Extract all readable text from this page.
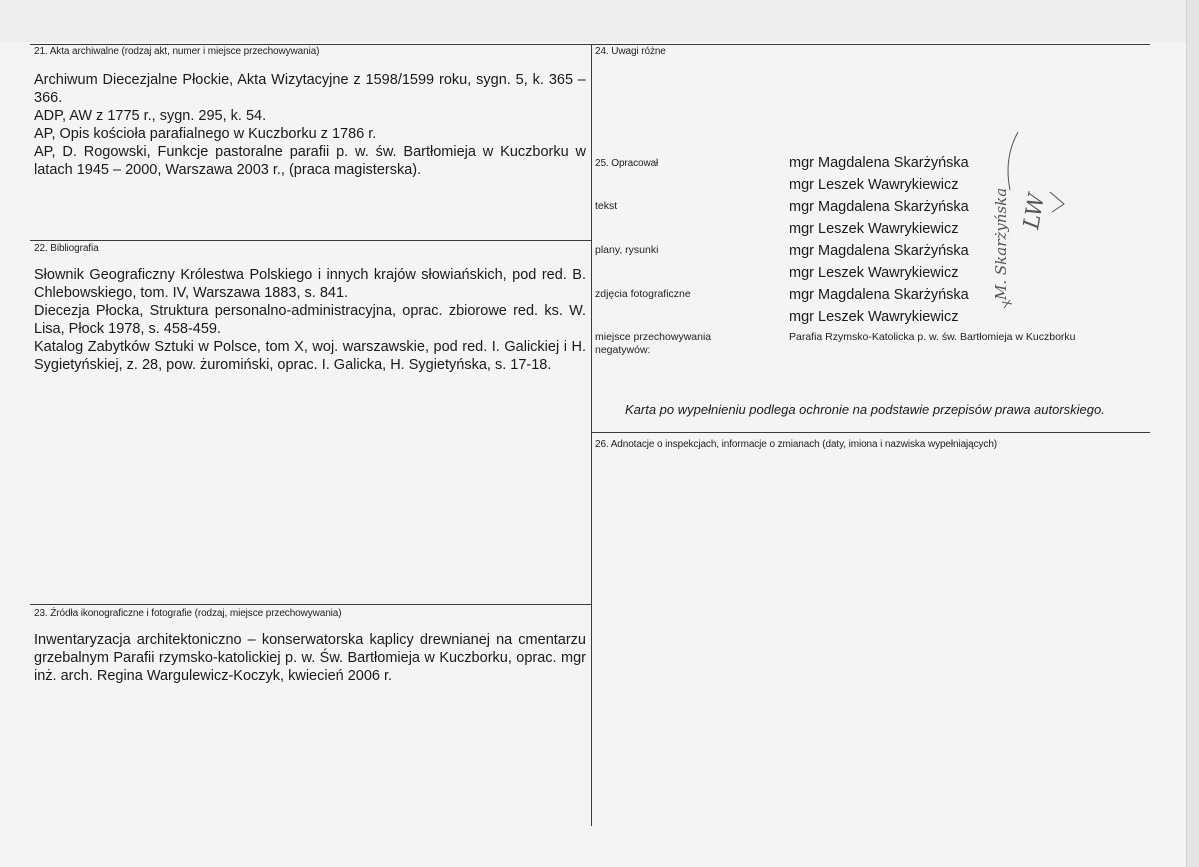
21. Akta archiwalne (rodzaj akt, numer i miejsce przechowywania)

Archiwum Diecezjalne Płockie, Akta Wizytacyjne z 1598/1599 roku, sygn. 5, k. 365 – 366.

ADP, AW z 1775 r., sygn. 295, k. 54.

AP, Opis kościoła parafialnego w Kuczborku z 1786 r.

AP, D. Rogowski, Funkcje pastoralne parafii p. w. św. Bartłomieja w Kuczborku w latach 1945 – 2000, Warszawa 2003 r., (praca magisterska).

22. Bibliografia

Słownik Geograficzny Królestwa Polskiego i innych krajów słowiańskich, pod red. B. Chlebowskiego, tom. IV, Warszawa 1883, s. 841.

Diecezja Płocka, Struktura personalno-administracyjna, oprac. zbiorowe red. ks. W. Lisa, Płock 1978, s. 458-459.

Katalog Zabytków Sztuki w Polsce, tom X, woj. warszawskie, pod red. I. Galickiej i H. Sygietyńskiej, z. 28, pow. żuromiński, oprac. I. Galicka, H. Sygietyńska, s. 17-18.

23. Źródła ikonograficzne i fotografie (rodzaj, miejsce przechowywania)

Inwentaryzacja architektoniczno – konserwatorska kaplicy drewnianej na cmentarzu grzebalnym Parafii rzymsko-katolickiej p. w. Św. Bartłomieja w Kuczborku, oprac. mgr inż. arch. Regina Wargulewicz-Koczyk, kwiecień 2006 r.

24. Uwagi różne
25. Opracował	mgr Magdalena Skarżyńska
mgr Leszek Wawrykiewicz
tekst	mgr Magdalena Skarżyńska
mgr Leszek Wawrykiewicz
plany, rysunki	mgr Magdalena Skarżyńska
mgr Leszek Wawrykiewicz
zdjęcia fotograficzne	mgr Magdalena Skarżyńska
mgr Leszek Wawrykiewicz
miejsce przechowywania
negatywów:
Parafia Rzymsko-Katolicka p. w. św. Bartłomieja w Kuczborku
Karta po wypełnieniu podlega ochronie na podstawie przepisów prawa autorskiego.
26. Adnotacje o inspekcjach, informacje o zmianach (daty, imiona i nazwiska wypełniających)
M. Skarżyńska LW
